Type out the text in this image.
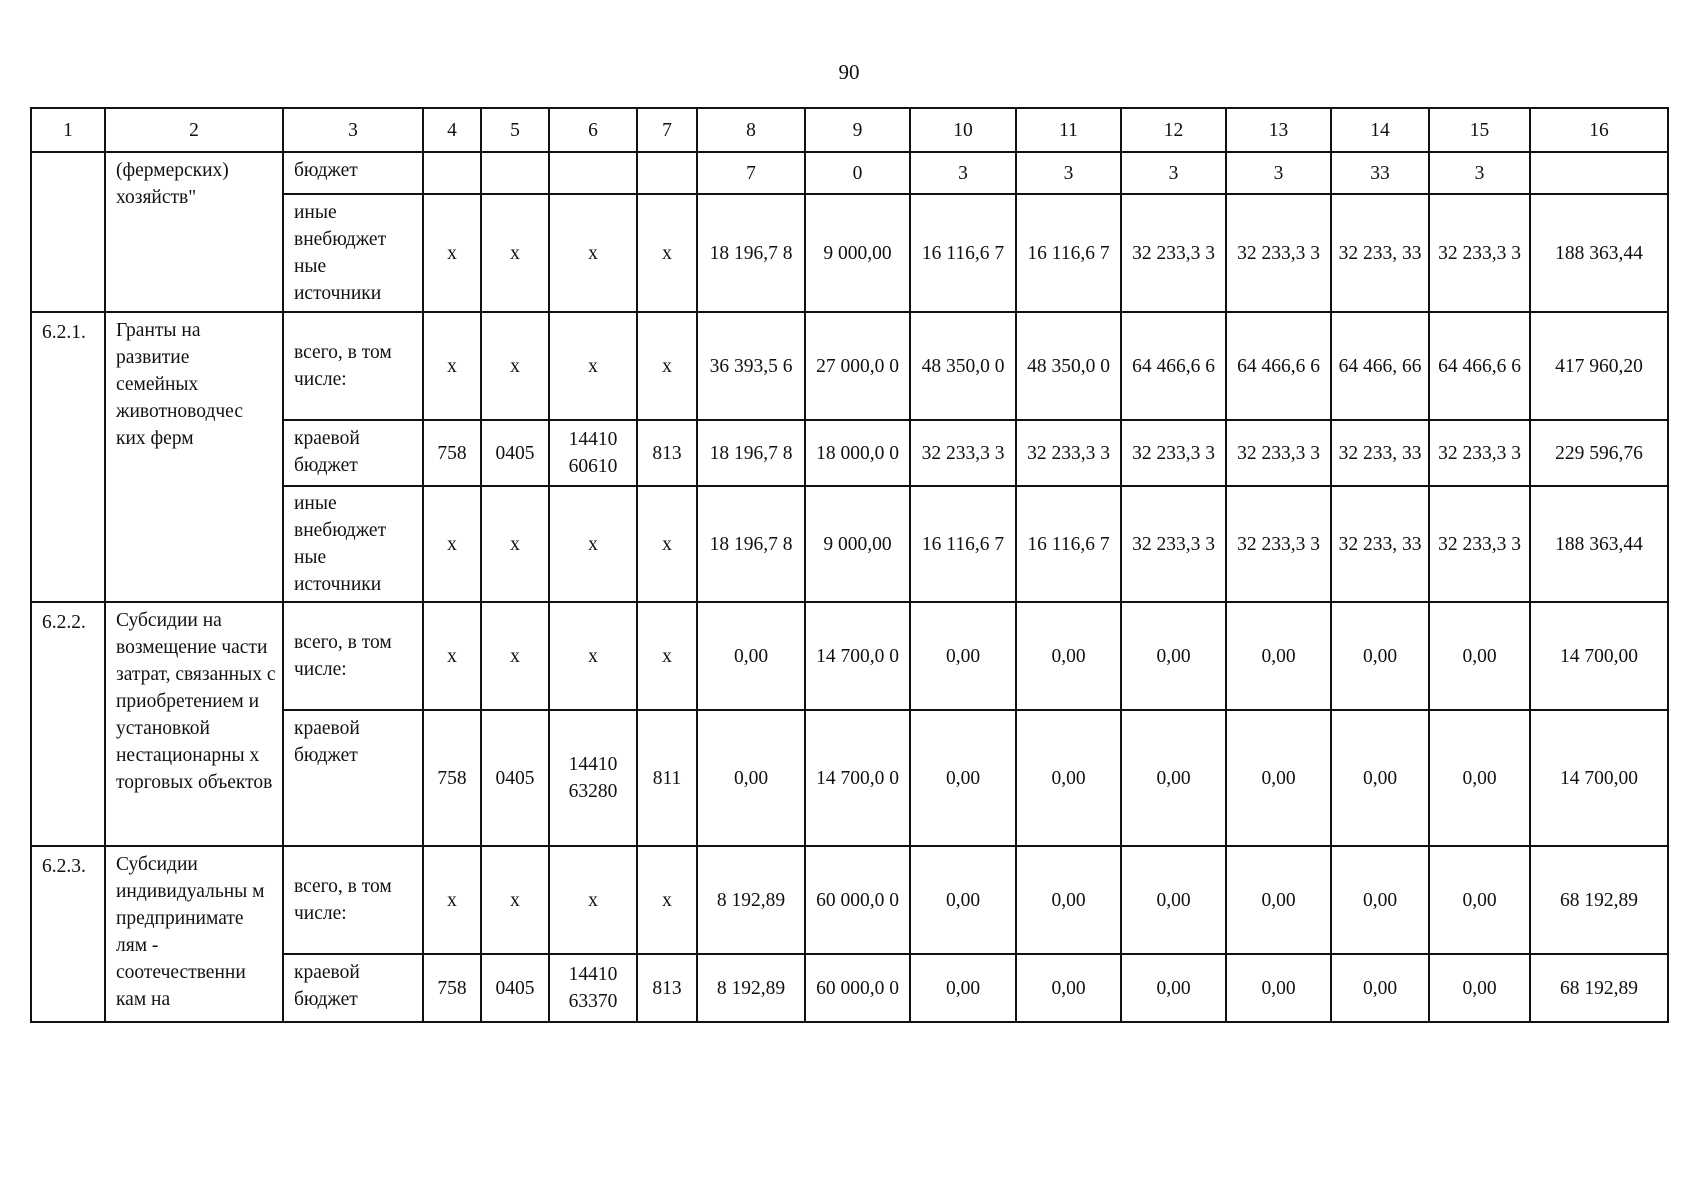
90
1	2	3	4	5	6	7	8	9	10	11	12	13	14	15	16
	(фермерских) хозяйств"	бюджет					7	0	3	3	3	3	33	3	
		иные внебюджет ные источники	x	x	x	x	18 196,7 8	9 000,00	16 116,6 7	16 116,6 7	32 233,3 3	32 233,3 3	32 233, 33	32 233,3 3	188 363,44
6.2.1.	Гранты на развитие семейных животноводчес ких ферм	всего, в том числе:	x	x	x	x	36 393,5 6	27 000,0 0	48 350,0 0	48 350,0 0	64 466,6 6	64 466,6 6	64 466, 66	64 466,6 6	417 960,20
		краевой бюджет	758	0405	14410 60610	813	18 196,7 8	18 000,0 0	32 233,3 3	32 233,3 3	32 233,3 3	32 233,3 3	32 233, 33	32 233,3 3	229 596,76
		иные внебюджет ные источники	x	x	x	x	18 196,7 8	9 000,00	16 116,6 7	16 116,6 7	32 233,3 3	32 233,3 3	32 233, 33	32 233,3 3	188 363,44
6.2.2.	Субсидии на возмещение части затрат, связанных с приобретением и установкой нестационарны х торговых объектов	всего, в том числе:	x	x	x	x	0,00	14 700,0 0	0,00	0,00	0,00	0,00	0,00	0,00	14 700,00
		краевой бюджет	758	0405	14410 63280	811	0,00	14 700,0 0	0,00	0,00	0,00	0,00	0,00	0,00	14 700,00
6.2.3.	Субсидии индивидуальны м предпринимате лям - соотечественни кам на	всего, в том числе:	x	x	x	x	8 192,89	60 000,0 0	0,00	0,00	0,00	0,00	0,00	0,00	68 192,89
		краевой бюджет	758	0405	14410 63370	813	8 192,89	60 000,0 0	0,00	0,00	0,00	0,00	0,00	0,00	68 192,89
